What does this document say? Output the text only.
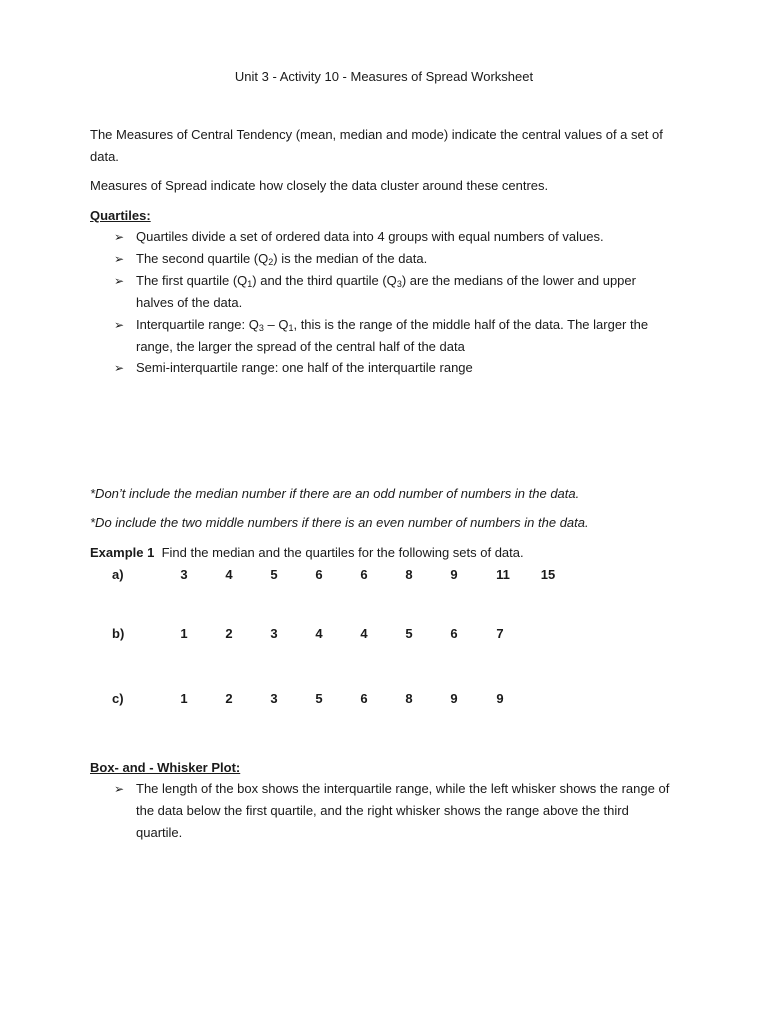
Unit 3 - Activity 10 - Measures of Spread Worksheet
The Measures of Central Tendency (mean, median and mode) indicate the central values of a set of data.
Measures of Spread indicate how closely the data cluster around these centres.
Quartiles:
➢ Quartiles divide a set of ordered data into 4 groups with equal numbers of values.
➢ The second quartile $(Q_2)$ is the median of the data.
➢ The first quartile $(Q_1)$ and the third quartile $(Q_3)$ are the medians of the lower and upper halves of the data.
➢ Interquartile range: $Q_3 - Q_1$, this is the range of the middle half of the data. The larger the range, the larger the spread of the central half of the data
➢ Semi-interquartile range: one half of the interquartile range
*Don’t include the median number if there are an odd number of numbers in the data.
*Do include the two middle numbers if there is an even number of numbers in the data.
Example 1 Find the median and the quartiles for the following sets of data.
a)	3	4	5	6	6	8	9	11	15
b)	1	2	3	4	4	5	6	7
c)	1	2	3	5	6	8	9	9
Box- and - Whisker Plot:
➢ The length of the box shows the interquartile range, while the left whisker shows the range of the data below the first quartile, and the right whisker shows the range above the third quartile.
